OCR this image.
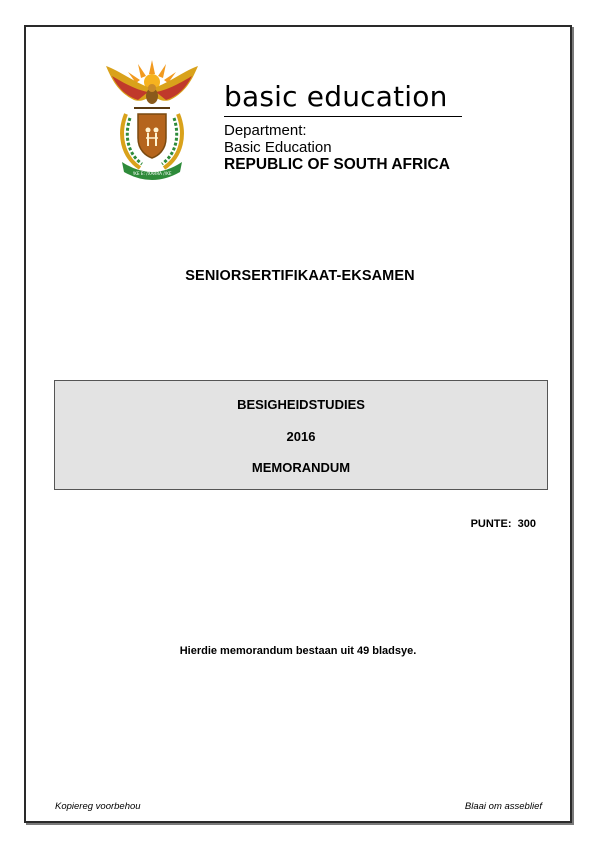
!KE E: /XARRA //KE
basic education
Department:
Basic Education
REPUBLIC OF SOUTH AFRICA
SENIORSERTIFIKAAT-EKSAMEN
BESIGHEIDSTUDIES
2016
MEMORANDUM
PUNTE:  300
Hierdie memorandum bestaan uit 49 bladsye.
Kopiereg voorbehou	Blaai om asseblief
